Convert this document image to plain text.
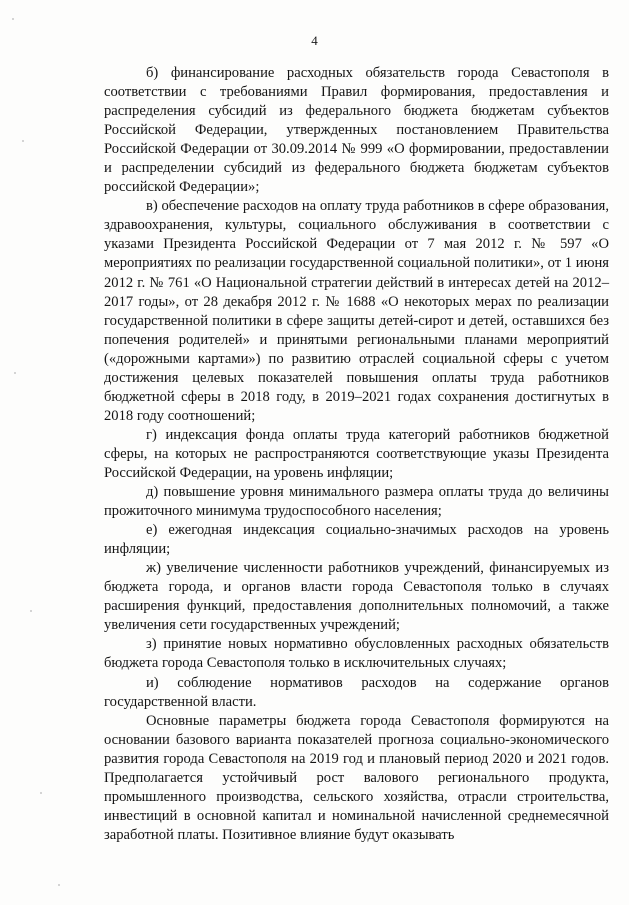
4

б) финансирование расходных обязательств города Севастополя в соответствии с требованиями Правил формирования, предоставления и распределения субсидий из федерального бюджета бюджетам субъектов Российской Федерации, утвержденных постановлением Правительства Российской Федерации от 30.09.2014 № 999 «О формировании, предоставлении и распределении субсидий из федерального бюджета бюджетам субъектов российской Федерации»;

в) обеспечение расходов на оплату труда работников в сфере образования, здравоохранения, культуры, социального обслуживания в соответствии с указами Президента Российской Федерации от 7 мая 2012 г. № 597 «О мероприятиях по реализации государственной социальной политики», от 1 июня 2012 г. № 761 «О Национальной стратегии действий в интересах детей на 2012–2017 годы», от 28 декабря 2012 г. № 1688 «О некоторых мерах по реализации государственной политики в сфере защиты детей-сирот и детей, оставшихся без попечения родителей» и принятыми региональными планами мероприятий («дорожными картами») по развитию отраслей социальной сферы с учетом достижения целевых показателей повышения оплаты труда работников бюджетной сферы в 2018 году, в 2019–2021 годах сохранения достигнутых в 2018 году соотношений;

г) индексация фонда оплаты труда категорий работников бюджетной сферы, на которых не распространяются соответствующие указы Президента Российской Федерации, на уровень инфляции;

д) повышение уровня минимального размера оплаты труда до величины прожиточного минимума трудоспособного населения;

е) ежегодная индексация социально-значимых расходов на уровень инфляции;

ж) увеличение численности работников учреждений, финансируемых из бюджета города, и органов власти города Севастополя только в случаях расширения функций, предоставления дополнительных полномочий, а также увеличения сети государственных учреждений;

з) принятие новых нормативно обусловленных расходных обязательств бюджета города Севастополя только в исключительных случаях;

и) соблюдение нормативов расходов на содержание органов государственной власти.

Основные параметры бюджета города Севастополя формируются на основании базового варианта показателей прогноза социально-экономического развития города Севастополя на 2019 год и плановый период 2020 и 2021 годов. Предполагается устойчивый рост валового регионального продукта, промышленного производства, сельского хозяйства, отрасли строительства, инвестиций в основной капитал и номинальной начисленной среднемесячной заработной платы. Позитивное влияние будут оказывать
